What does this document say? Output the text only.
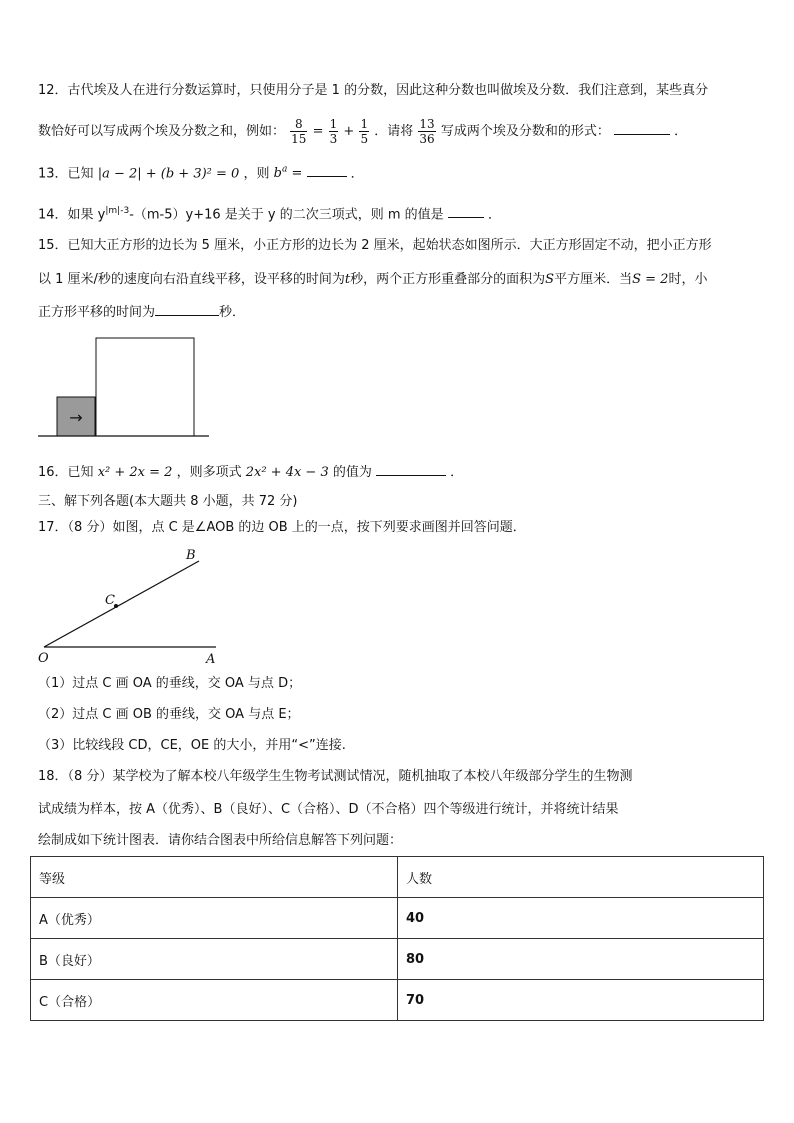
12．古代埃及人在进行分数运算时，只使用分子是 1 的分数，因此这种分数也叫做埃及分数．我们注意到，某些真分
数恰好可以写成两个埃及分数之和，例如： $\frac{8}{15} = \frac{1}{3} + \frac{1}{5}$ ．请将 $\frac{13}{36}$ 写成两个埃及分数和的形式：	．
13．已知 |a − 2| + (b + 3)² = 0 ，则 $b^a$ =	．
14．如果 $y^{|m|-3}-(m-5)y+16$ 是关于 y 的二次三项式，则 m 的值是	．
15．已知大正方形的边长为 5 厘米，小正方形的边长为 2 厘米，起始状态如图所示．大正方形固定不动，把小正方形
以 1 厘米/秒的速度向右沿直线平移，设平移的时间为t秒，两个正方形重叠部分的面积为S平方厘米．当S = 2时，小
正方形平移的时间为	秒．
→
16．已知 x² + 2x = 2 ，则多项式 2x² + 4x − 3 的值为	．
三、解下列各题(本大题共 8 小题，共 72 分)
17．（8 分）如图，点 C 是∠AOB 的边 OB 上的一点，按下列要求画图并回答问题．
B
C
O	A
（1）过点 C 画 OA 的垂线，交 OA 与点 D；
（2）过点 C 画 OB 的垂线，交 OA 与点 E；
（3）比较线段 CD，CE，OE 的大小，并用“<”连接.
18．（8 分）某学校为了解本校八年级学生生物考试测试情况，随机抽取了本校八年级部分学生的生物测
试成绩为样本，按 A（优秀）、B（良好）、C（合格）、D（不合格）四个等级进行统计，并将统计结果
绘制成如下统计图表．请你结合图表中所给信息解答下列问题：
等级	人数
A（优秀）	40
B（良好）	80
C（合格）	70
